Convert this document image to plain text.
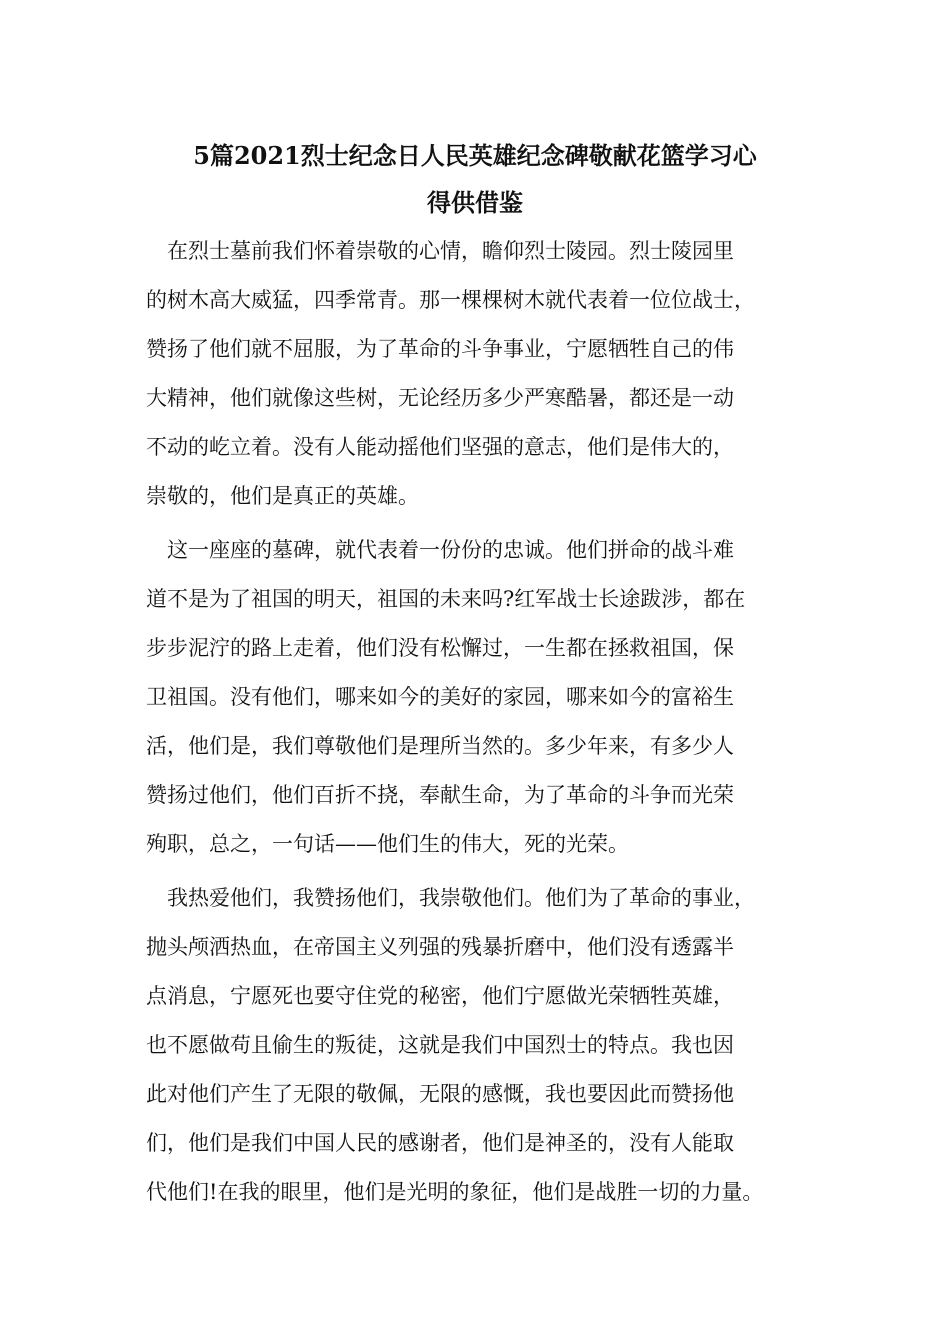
5篇2021烈士纪念日人民英雄纪念碑敬献花篮学习心
得供借鉴
　在烈士墓前我们怀着崇敬的心情，瞻仰烈士陵园。烈士陵园里
的树木高大威猛，四季常青。那一棵棵树木就代表着一位位战士，
赞扬了他们就不屈服，为了革命的斗争事业，宁愿牺牲自己的伟
大精神，他们就像这些树，无论经历多少严寒酷暑，都还是一动
不动的屹立着。没有人能动摇他们坚强的意志，他们是伟大的，
崇敬的，他们是真正的英雄。
　这一座座的墓碑，就代表着一份份的忠诚。他们拼命的战斗难
道不是为了祖国的明天，祖国的未来吗?红军战士长途跋涉，都在
步步泥泞的路上走着，他们没有松懈过，一生都在拯救祖国，保
卫祖国。没有他们，哪来如今的美好的家园，哪来如今的富裕生
活，他们是，我们尊敬他们是理所当然的。多少年来，有多少人
赞扬过他们，他们百折不挠，奉献生命，为了革命的斗争而光荣
殉职，总之，一句话——他们生的伟大，死的光荣。
　我热爱他们，我赞扬他们，我崇敬他们。他们为了革命的事业，
抛头颅洒热血，在帝国主义列强的残暴折磨中，他们没有透露半
点消息，宁愿死也要守住党的秘密，他们宁愿做光荣牺牲英雄，
也不愿做苟且偷生的叛徒，这就是我们中国烈士的特点。我也因
此对他们产生了无限的敬佩，无限的感慨，我也要因此而赞扬他
们，他们是我们中国人民的感谢者，他们是神圣的，没有人能取
代他们!在我的眼里，他们是光明的象征，他们是战胜一切的力量。
